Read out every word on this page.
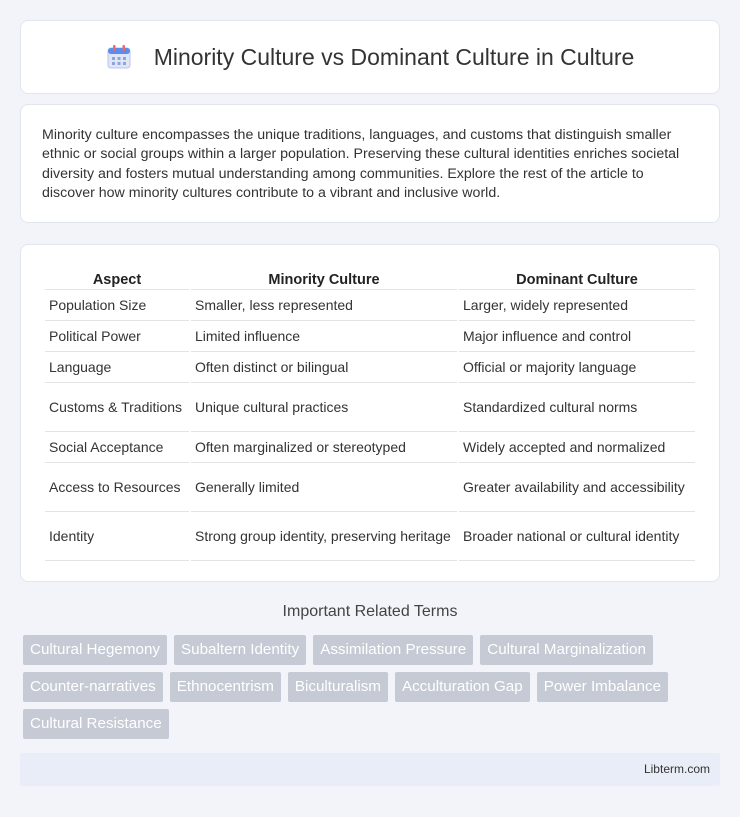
Minority Culture vs Dominant Culture in Culture

Minority culture encompasses the unique traditions, languages, and customs that distinguish smaller ethnic or social groups within a larger population. Preserving these cultural identities enriches societal diversity and fosters mutual understanding among communities. Explore the rest of the article to discover how minority cultures contribute to a vibrant and inclusive world.

Aspect	Minority Culture	Dominant Culture
Population Size	Smaller, less represented	Larger, widely represented
Political Power	Limited influence	Major influence and control
Language	Often distinct or bilingual	Official or majority language
Customs & Traditions	Unique cultural practices	Standardized cultural norms
Social Acceptance	Often marginalized or stereotyped	Widely accepted and normalized
Access to Resources	Generally limited	Greater availability and accessibility
Identity	Strong group identity, preserving heritage	Broader national or cultural identity
Important Related Terms
Cultural Hegemony	Subaltern Identity	Assimilation Pressure	Cultural Marginalization
Counter-narratives	Ethnocentrism	Biculturalism	Acculturation Gap	Power Imbalance
Cultural Resistance
Libterm.com
